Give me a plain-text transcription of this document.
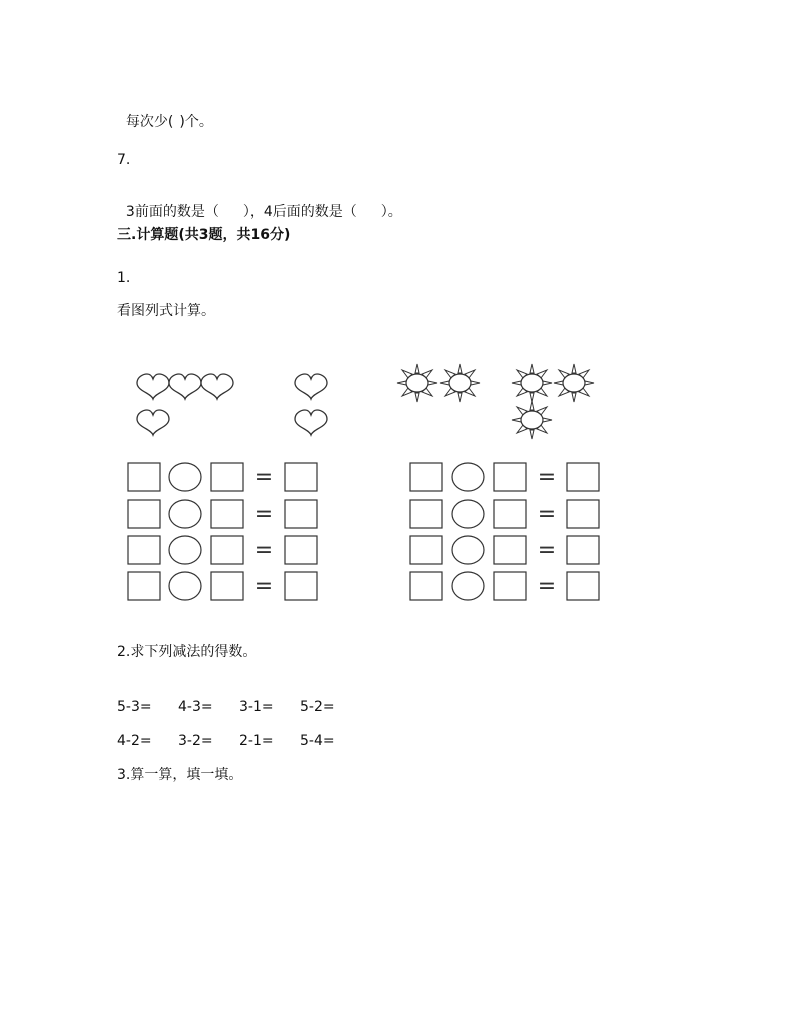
每次少( )个。

7.

3前面的数是（ ），4后面的数是（ ）。

三.计算题(共3题，共16分)
1.
看图列式计算。
=
=
=
=
=
=
=
=
2.求下列减法的得数。
5-3= 4-3= 3-1= 5-2=
4-2= 3-2= 2-1= 5-4=
3.算一算，填一填。
